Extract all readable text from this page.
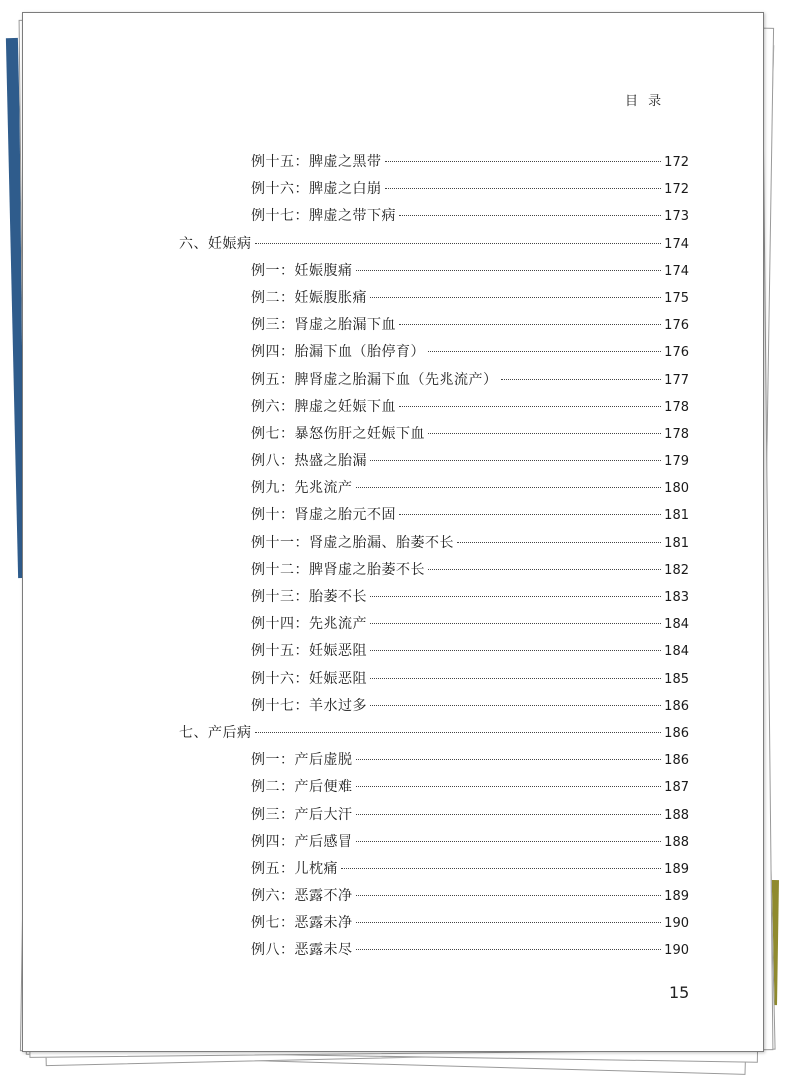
目 录
例十五：脾虚之黑带	172
例十六：脾虚之白崩	172
例十七：脾虚之带下病	173
六、妊娠病	174
例一：妊娠腹痛	174
例二：妊娠腹胀痛	175
例三：肾虚之胎漏下血	176
例四：胎漏下血（胎停育）	176
例五：脾肾虚之胎漏下血（先兆流产）	177
例六：脾虚之妊娠下血	178
例七：暴怒伤肝之妊娠下血	178
例八：热盛之胎漏	179
例九：先兆流产	180
例十：肾虚之胎元不固	181
例十一：肾虚之胎漏、胎萎不长	181
例十二：脾肾虚之胎萎不长	182
例十三：胎萎不长	183
例十四：先兆流产	184
例十五：妊娠恶阻	184
例十六：妊娠恶阻	185
例十七：羊水过多	186
七、产后病	186
例一：产后虚脱	186
例二：产后便难	187
例三：产后大汗	188
例四：产后感冒	188
例五：儿枕痛	189
例六：恶露不净	189
例七：恶露未净	190
例八：恶露未尽	190
15
